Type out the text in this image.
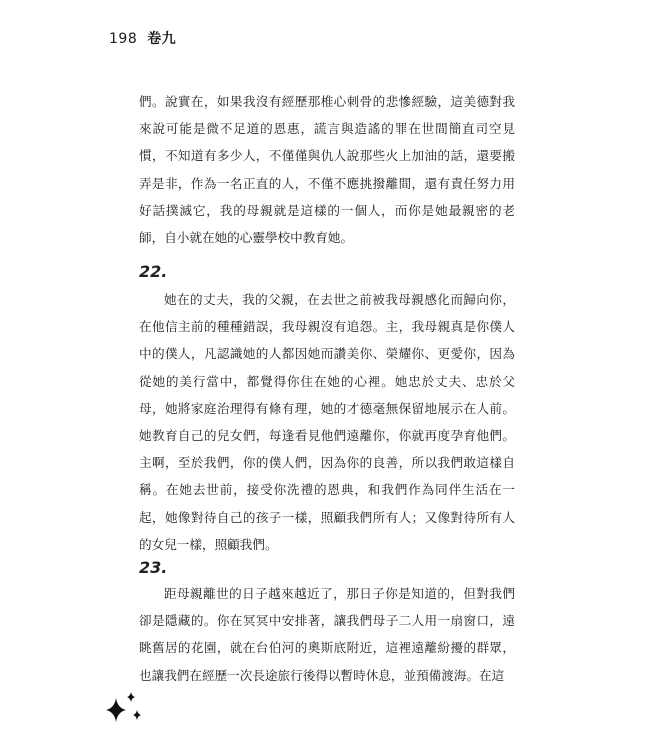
198 卷九

們。說實在，如果我沒有經歷那椎心刺骨的悲慘經驗，這美德對我來說可能是微不足道的恩惠，謊言與造謠的罪在世間簡直司空見慣，不知道有多少人，不僅僅與仇人說那些火上加油的話，還要搬弄是非，作為一名正直的人，不僅不應挑撥離間，還有責任努力用好話撲滅它，我的母親就是這樣的一個人，而你是她最親密的老師，自小就在她的心靈學校中教育她。

22.

她在的丈夫，我的父親，在去世之前被我母親感化而歸向你，在他信主前的種種錯誤，我母親沒有追怨。主，我母親真是你僕人中的僕人，凡認識她的人都因她而讚美你、榮耀你、更愛你，因為從她的美行當中，都覺得你住在她的心裡。她忠於丈夫、忠於父母，她將家庭治理得有條有理，她的才德毫無保留地展示在人前。她教育自己的兒女們，每逢看見他們遠離你，你就再度孕育他們。主啊，至於我們，你的僕人們，因為你的良善，所以我們敢這樣自稱。在她去世前，接受你洗禮的恩典，和我們作為同伴生活在一起，她像對待自己的孩子一樣，照顧我們所有人；又像對待所有人的女兒一樣，照顧我們。

23.

距母親離世的日子越來越近了，那日子你是知道的，但對我們卻是隱藏的。你在冥冥中安排著，讓我們母子二人用一扇窗口，遠眺舊居的花園，就在台伯河的奧斯底附近，這裡遠離紛擾的群眾，也讓我們在經歷一次長途旅行後得以暫時休息，並預備渡海。在這
